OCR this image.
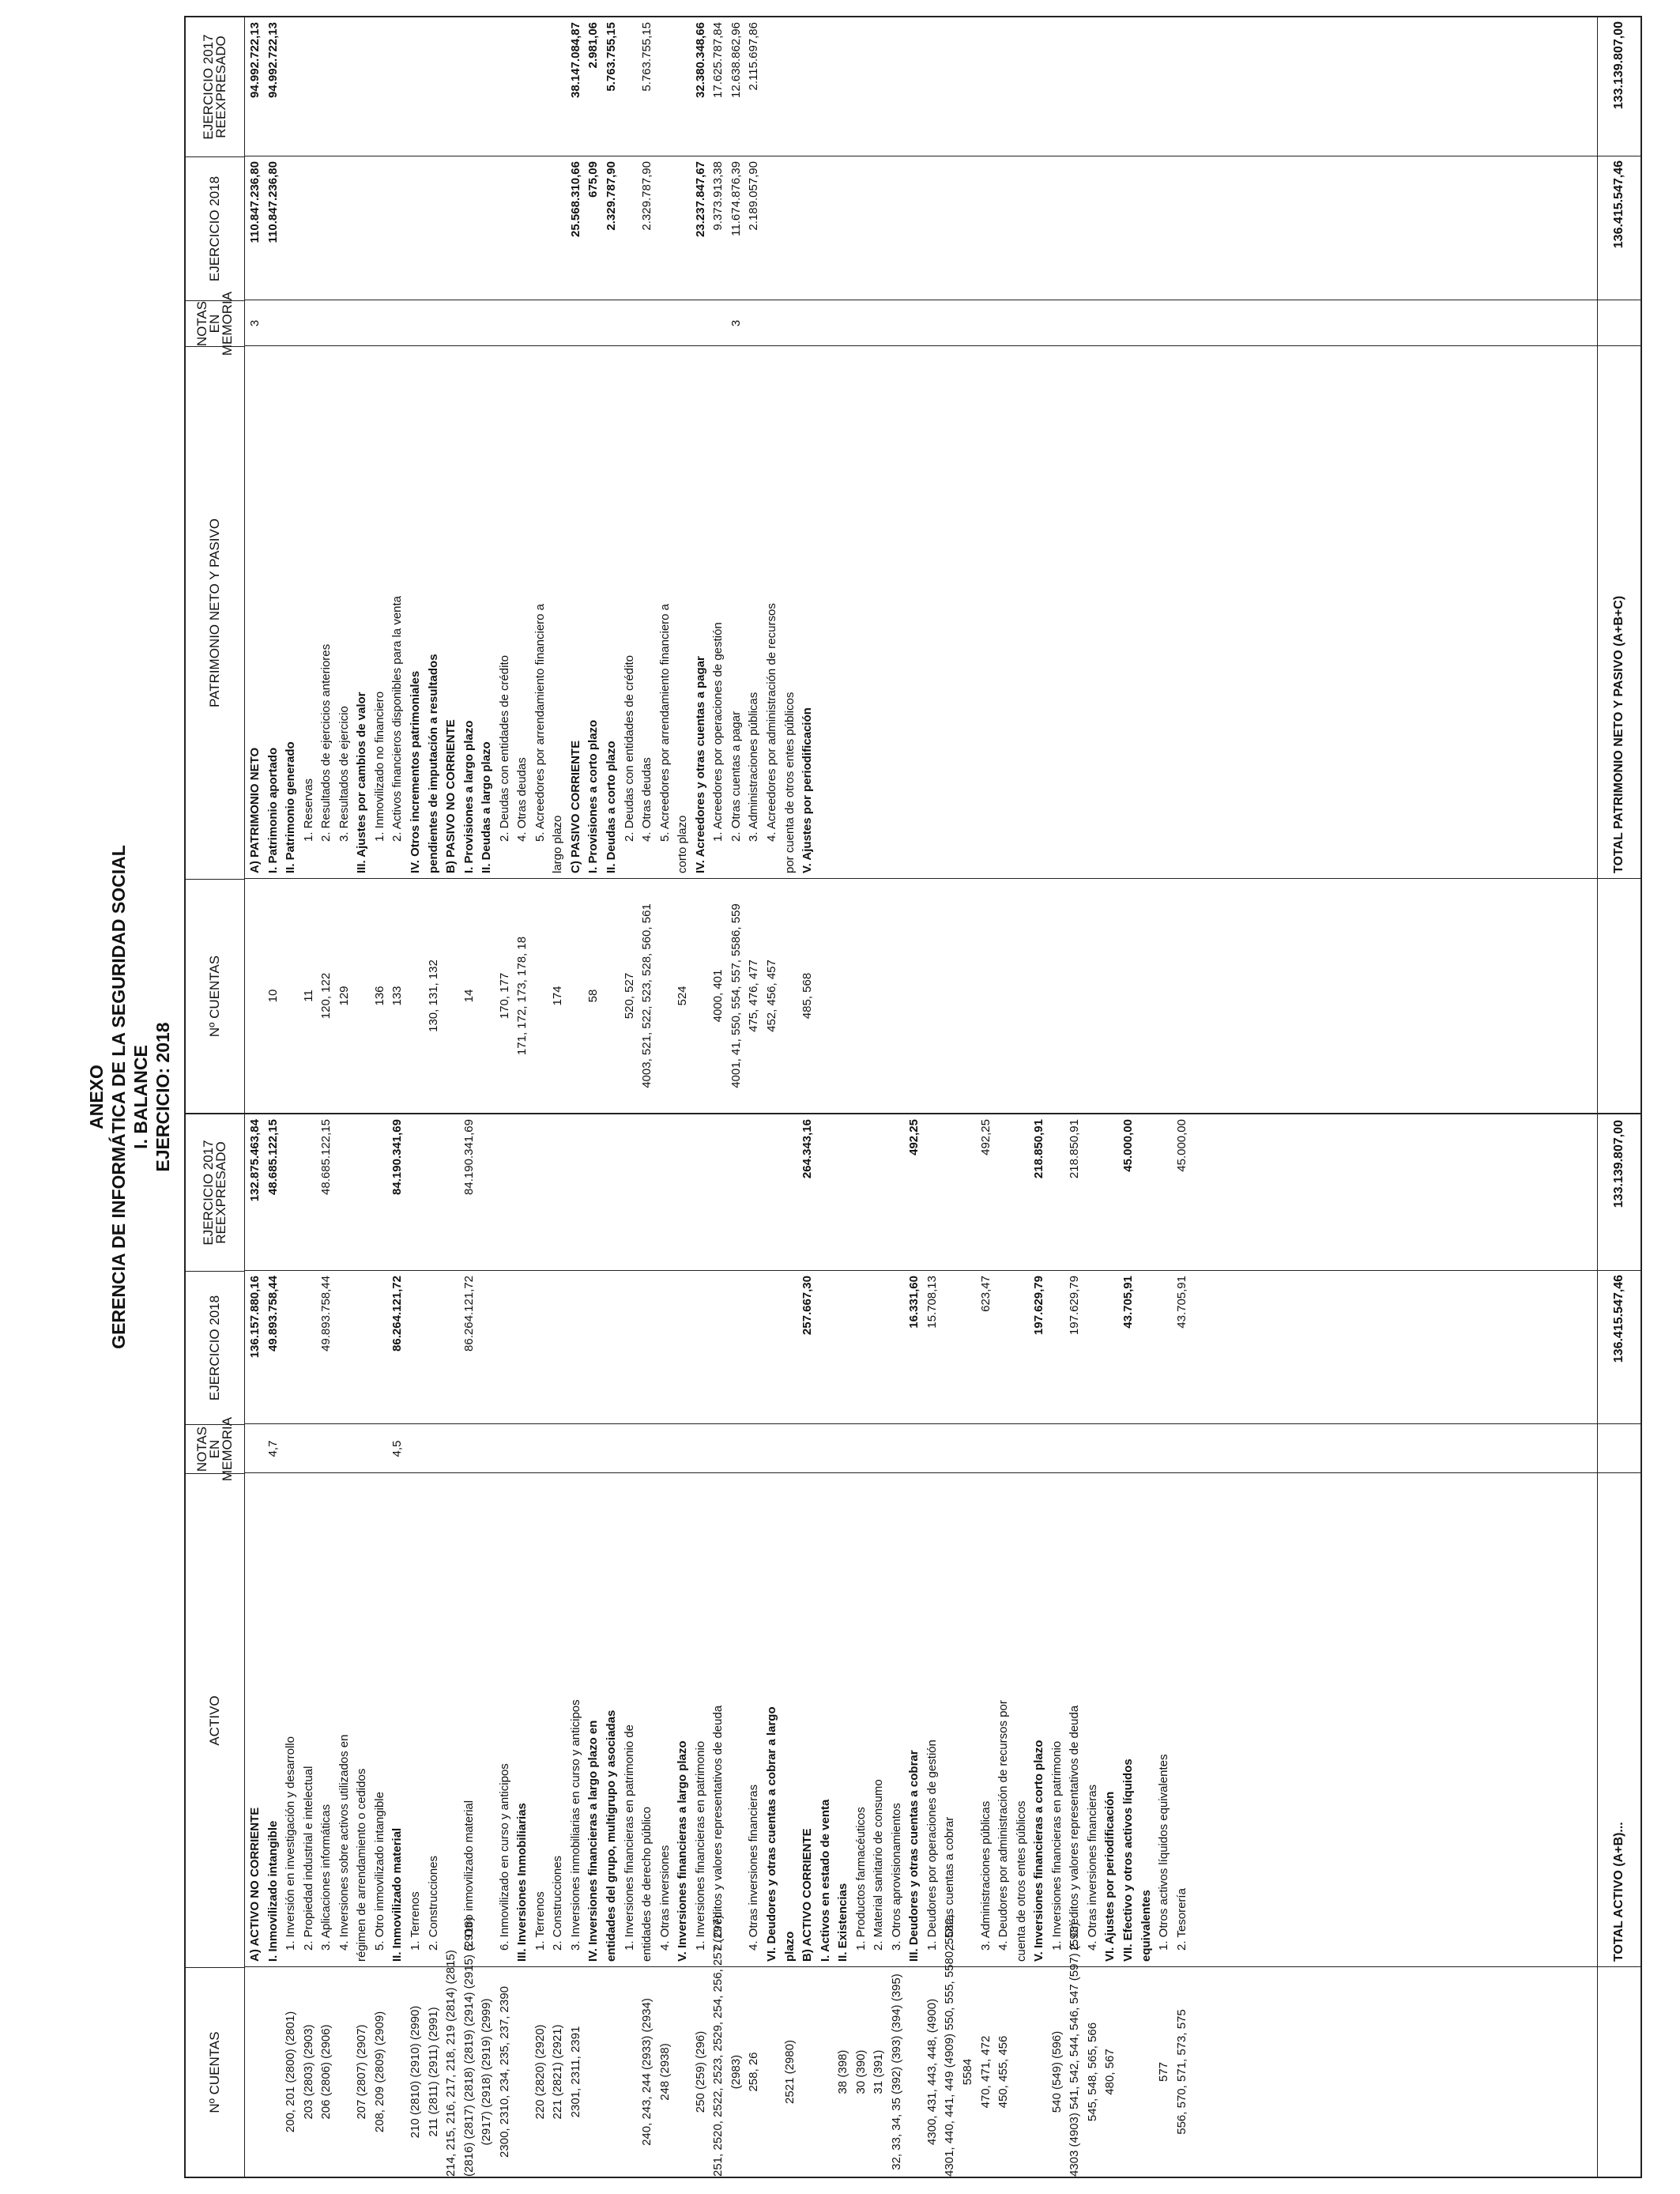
ANEXO GERENCIA DE INFORMÁTICA DE LA SEGURIDAD SOCIAL I. BALANCE EJERCICIO: 2018
Nº CUENTAS
ACTIVO
NOTAS EN MEMORIA
EJERCICIO 2018
EJERCICIO 2017 REEXPRESADO
A) ACTIVO NO CORRIENTE
136.157.880,16
132.875.463,84
I. Inmovilizado intangible
4,7
49.893.758,44
48.685.122,15
200, 201 (2800) (2801)
1. Inversión en investigación y desarrollo
203 (2803) (2903)
2. Propiedad industrial e intelectual
206 (2806) (2906)
3. Aplicaciones informáticas
49.893.758,44
48.685.122,15
4. Inversiones sobre activos utilizados en
207 (2807) (2907)
régimen de arrendamiento o cedidos
208, 209 (2809) (2909)
5. Otro inmovilizado intangible II. Inmovilizado material
4,5
86.264.121,72
84.190.341,69
210 (2810) (2910) (2990)
1. Terrenos
211 (2811) (2911) (2991)
2. Construcciones
214, 215, 216, 217, 218, 219 (2814) (2815) (2816) (2817) (2818) (2819) (2914) (2915) (2916)
5. Otro inmovilizado material
86.264.121,72
84.190.341,69
(2917) (2918) (2919) (2999) 2300, 2310, 234, 235, 237, 2390
6. Inmovilizado en curso y anticipos III. Inversiones Inmobiliarias
220 (2820) (2920)
1. Terrenos
221 (2821) (2921)
2. Construcciones
2301, 2311, 2391
3. Inversiones inmobiliarias en curso y anticipos IV. Inversiones financieras a largo plazo en entidades del grupo, multigrupo y asociadas 1. Inversiones financieras en patrimonio de
240, 243, 244 (2933) (2934)
entidades de derecho público
248 (2938)
4. Otras inversiones V. Inversiones financieras a largo plazo
250 (259) (296)
1. Inversiones financieras en patrimonio
251, 2520, 2522, 2523, 2529, 254, 256, 257 (297)
2. Créditos y valores representativos de deuda
(2983) 258, 26
4. Otras inversiones financieras VI. Deudores y otras cuentas a cobrar a largo
2521 (2980)
plazo B) ACTIVO CORRIENTE
257.667,30
264.343,16
I. Activos en estado de venta
38 (398)
II. Existencias
30 (390)
1. Productos farmacéuticos
31 (391)
2. Material sanitario de consumo
32, 33, 34, 35 (392) (393) (394) (395)
3. Otros aprovisionamientos III. Deudores y otras cuentas a cobrar
16.331,60
492,25
4300, 431, 443, 448, (4900)
1. Deudores por operaciones de gestión
15.708,13
4301, 440, 441, 449 (4909) 550, 555, 5580, 5582,
2. Otras cuentas a cobrar
5584 470, 471, 472
3. Administraciones públicas
623,47
492,25
450, 455, 456
4. Deudores por administración de recursos por cuenta de otros entes públicos V. Inversiones financieras a corto plazo
197.629,79
218.850,91
540 (549) (596)
1. Inversiones financieras en patrimonio
4303 (4903) 541, 542, 544, 546, 547 (597) (598)
2. Créditos y valores representativos de deuda
197.629,79
218.850,91
545, 548, 565, 566
4. Otras inversiones financieras
480, 567
VI. Ajustes por periodificación VII. Efectivo y otros activos líquidos
43.705,91
45.000,00
equivalentes
577
1. Otros activos líquidos equivalentes
556, 570, 571, 573, 575
2. Tesorería
43.705,91
45.000,00
TOTAL ACTIVO (A+B)...
136.415.547,46
133.139.807,00
Nº CUENTAS
PATRIMONIO NETO Y PASIVO
NOTAS EN MEMORIA
EJERCICIO 2018
EJERCICIO 2017 REEXPRESADO
A) PATRIMONIO NETO
3
110.847.236,80
94.992.722,13
10
I. Patrimonio aportado
110.847.236,80
94.992.722,13
II. Patrimonio generado
11
1. Reservas
120, 122
2. Resultados de ejercicios anteriores
129
3. Resultados de ejercicio III. Ajustes por cambios de valor
136
1. Inmovilizado no financiero
133
2. Activos financieros disponibles para la venta IV. Otros incrementos patrimoniales
130, 131, 132
pendientes de imputación a resultados B) PASIVO NO CORRIENTE
14
I. Provisiones a largo plazo II. Deudas a largo plazo
170, 177
2. Deudas con entidades de crédito
171, 172, 173, 178, 18
4. Otras deudas 5. Acreedores por arrendamiento financiero a
174
largo plazo C) PASIVO CORRIENTE
25.568.310,66
38.147.084,87
58
I. Provisiones a corto plazo
675,09
2.981,06
II. Deudas a corto plazo
2.329.787,90
5.763.755,15
520, 527
2. Deudas con entidades de crédito
4003, 521, 522, 523, 528, 560, 561
4. Otras deudas
2.329.787,90
5.763.755,15
5. Acreedores por arrendamiento financiero a
524
corto plazo IV. Acreedores y otras cuentas a pagar
23.237.847,67
32.380.348,66
4000, 401
1. Acreedores por operaciones de gestión
9.373.913,38
17.625.787,84
4001, 41, 550, 554, 557, 5586, 559
2. Otras cuentas a pagar
3
11.674.876,39
12.638.862,96
475, 476, 477
3. Administraciones públicas
2.189.057,90
2.115.697,86
452, 456, 457
4. Acreedores por administración de recursos por cuenta de otros entes públicos
485, 568
V. Ajustes por periodificación	TOTAL PATRIMONIO NETO Y PASIVO (A+B+C)
136.415.547,46
133.139.807,00
